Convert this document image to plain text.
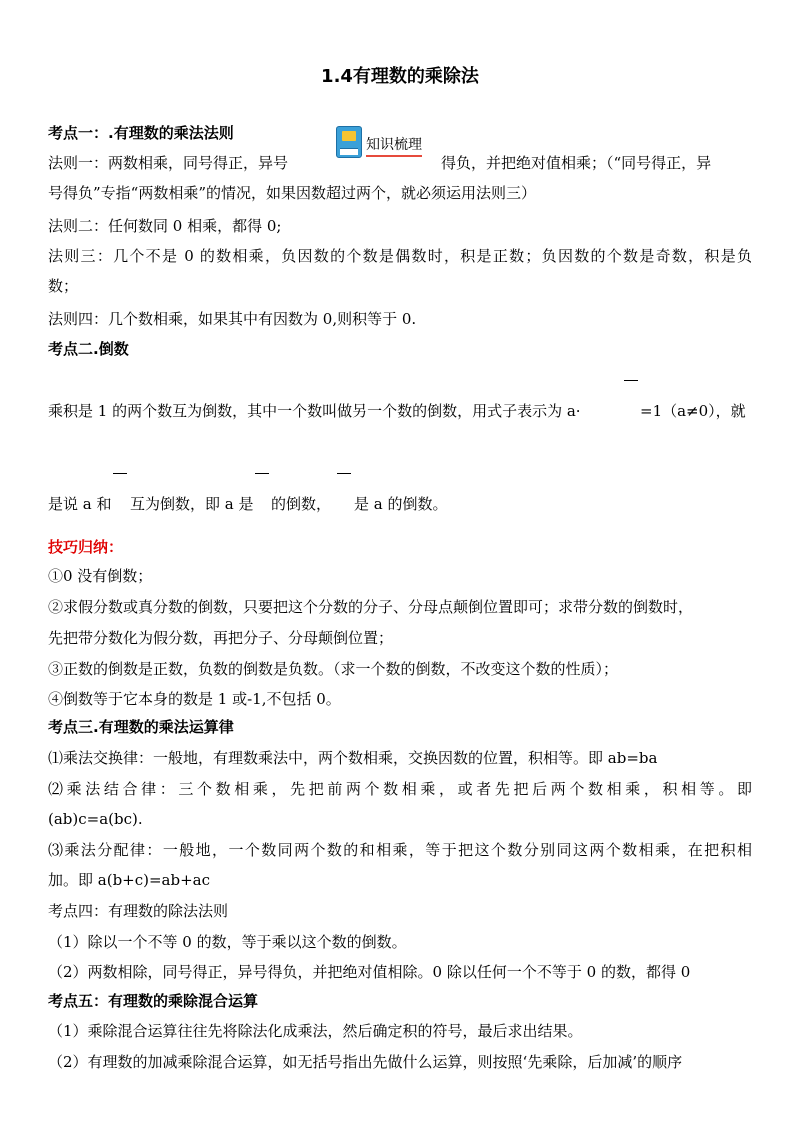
1.4有理数的乘除法
考点一：.有理数的乘法法则
知识梳理
法则一：两数相乘，同号得正，异号	得负，并把绝对值相乘；（“同号得正，异
号得负”专指“两数相乘”的情况，如果因数超过两个，就必须运用法则三）
法则二：任何数同 0 相乘，都得 0;
法则三：几个不是 0 的数相乘，负因数的个数是偶数时，积是正数；负因数的个数是奇数，积是负
数；
法则四：几个数相乘，如果其中有因数为 0,则积等于 0.
考点二.倒数
乘积是 1 的两个数互为倒数，其中一个数叫做另一个数的倒数，用式子表示为 a·	=1（a≠0），就
是说 a 和 互为倒数，即 a 是 的倒数， 是 a 的倒数。
技巧归纳：
①0 没有倒数；
②求假分数或真分数的倒数，只要把这个分数的分子、分母点颠倒位置即可；求带分数的倒数时，
先把带分数化为假分数，再把分子、分母颠倒位置；
③正数的倒数是正数，负数的倒数是负数。（求一个数的倒数，不改变这个数的性质）；
④倒数等于它本身的数是 1 或-1,不包括 0。
考点三.有理数的乘法运算律
⑴乘法交换律：一般地，有理数乘法中，两个数相乘，交换因数的位置，积相等。即 ab=ba
⑵乘法结合律：三个数相乘，先把前两个数相乘，或者先把后两个数相乘，积相等。即
(ab)c=a(bc).
⑶乘法分配律：一般地，一个数同两个数的和相乘，等于把这个数分别同这两个数相乘，在把积相
加。即 a(b+c)=ab+ac
考点四：有理数的除法法则
（1）除以一个不等 0 的数，等于乘以这个数的倒数。
（2）两数相除，同号得正，异号得负，并把绝对值相除。0 除以任何一个不等于 0 的数，都得 0
考点五：有理数的乘除混合运算
（1）乘除混合运算往往先将除法化成乘法，然后确定积的符号，最后求出结果。
（2）有理数的加减乘除混合运算，如无括号指出先做什么运算，则按照‘先乘除，后加减’的顺序
